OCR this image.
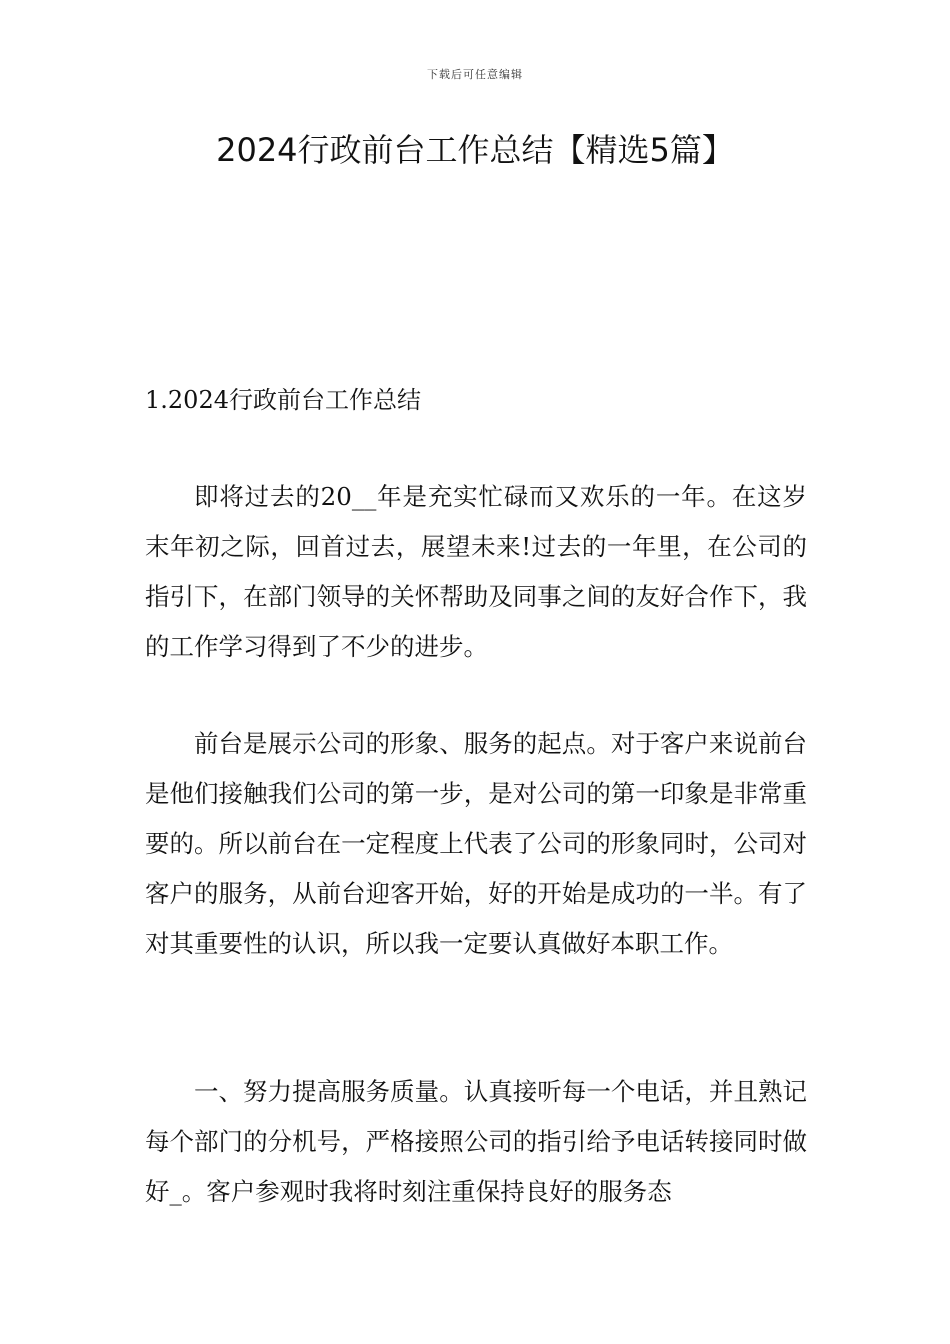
下载后可任意编辑
2024行政前台工作总结【精选5篇】
1.2024行政前台工作总结

即将过去的20__年是充实忙碌而又欢乐的一年。在这岁末年初之际，回首过去，展望未来!过去的一年里，在公司的指引下，在部门领导的关怀帮助及同事之间的友好合作下，我的工作学习得到了不少的进步。

前台是展示公司的形象、服务的起点。对于客户来说前台是他们接触我们公司的第一步，是对公司的第一印象是非常重要的。所以前台在一定程度上代表了公司的形象同时，公司对客户的服务，从前台迎客开始，好的开始是成功的一半。有了对其重要性的认识，所以我一定要认真做好本职工作。

一、努力提高服务质量。认真接听每一个电话，并且熟记每个部门的分机号，严格接照公司的指引给予电话转接同时做好_。客户参观时我将时刻注重保持良好的服务态
